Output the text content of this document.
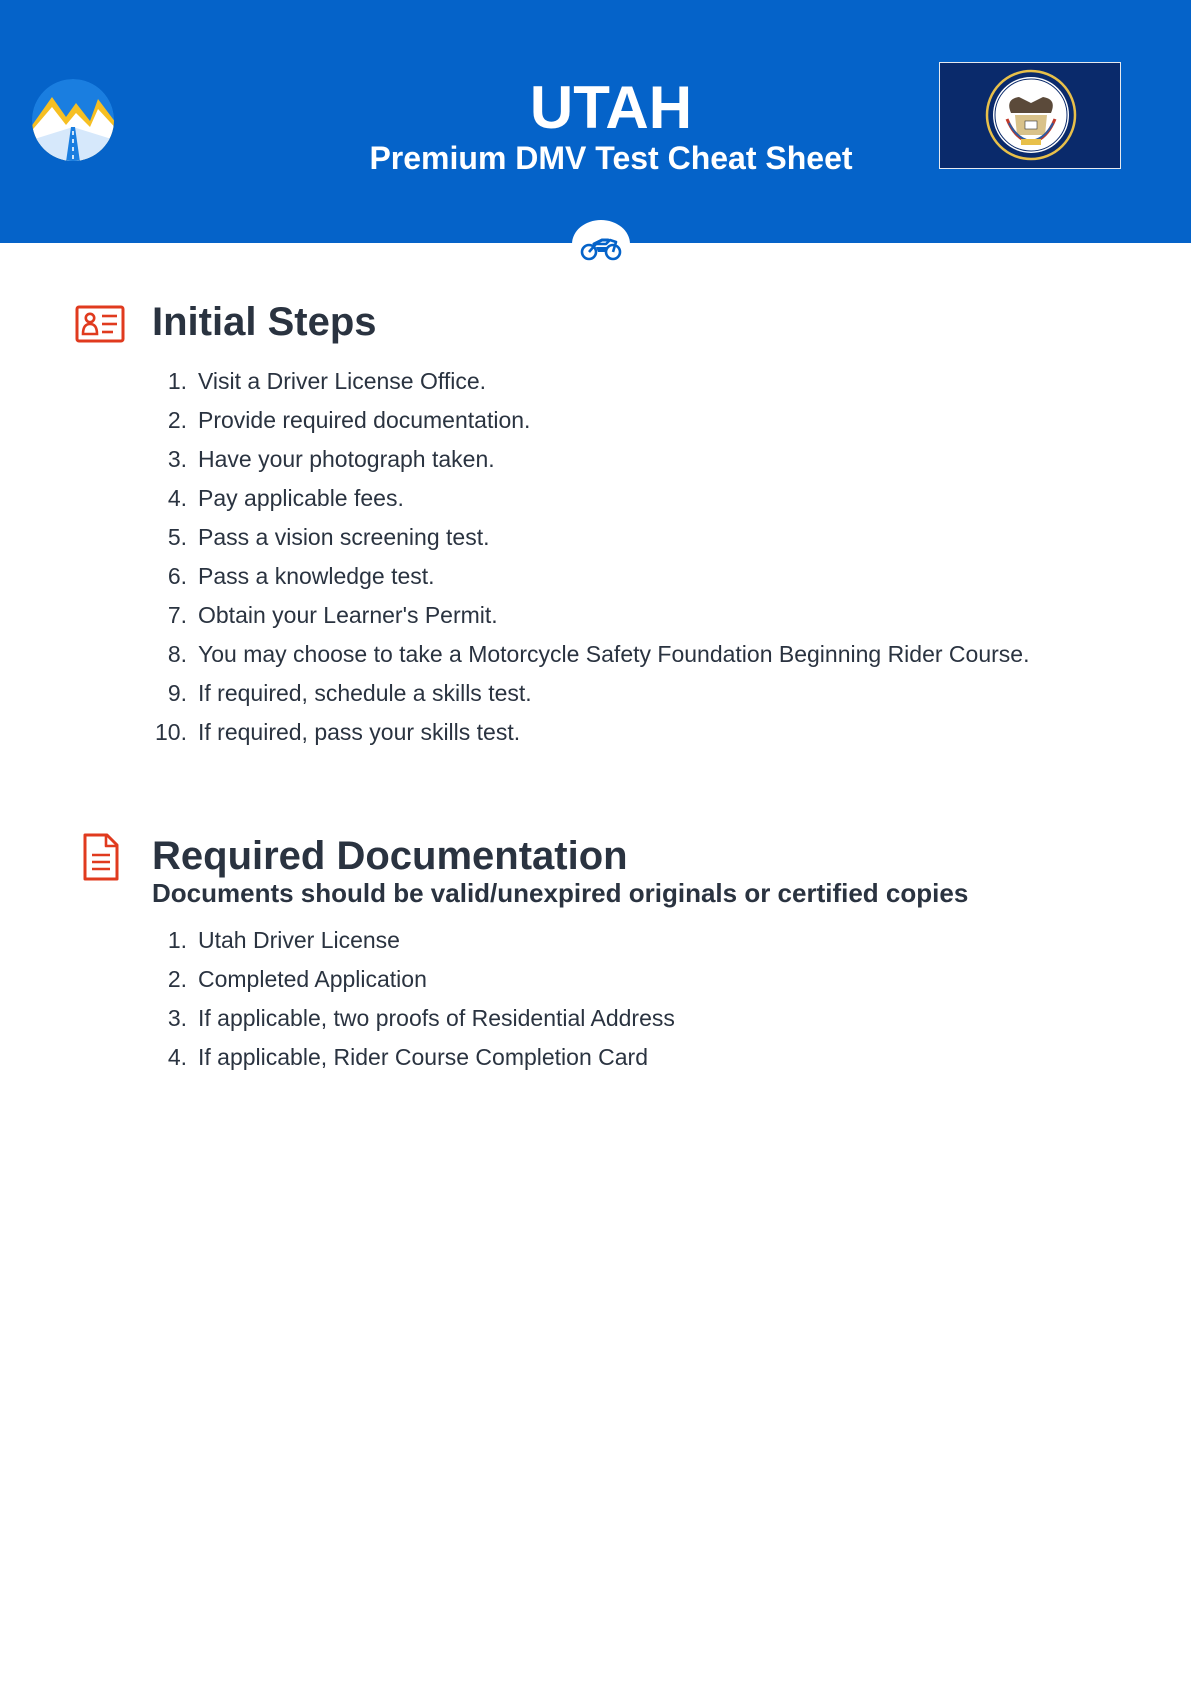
UTAH

Premium DMV Test Cheat Sheet

Initial Steps
1. Visit a Driver License Office.
2. Provide required documentation.
3. Have your photograph taken.
4. Pay applicable fees.
5. Pass a vision screening test.
6. Pass a knowledge test.
7. Obtain your Learner's Permit.
8. You may choose to take a Motorcycle Safety Foundation Beginning Rider Course.
9. If required, schedule a skills test.
10. If required, pass your skills test.
Required Documentation

Documents should be valid/unexpired originals or certified copies

1. Utah Driver License
2. Completed Application
3. If applicable, two proofs of Residential Address
4. If applicable, Rider Course Completion Card
